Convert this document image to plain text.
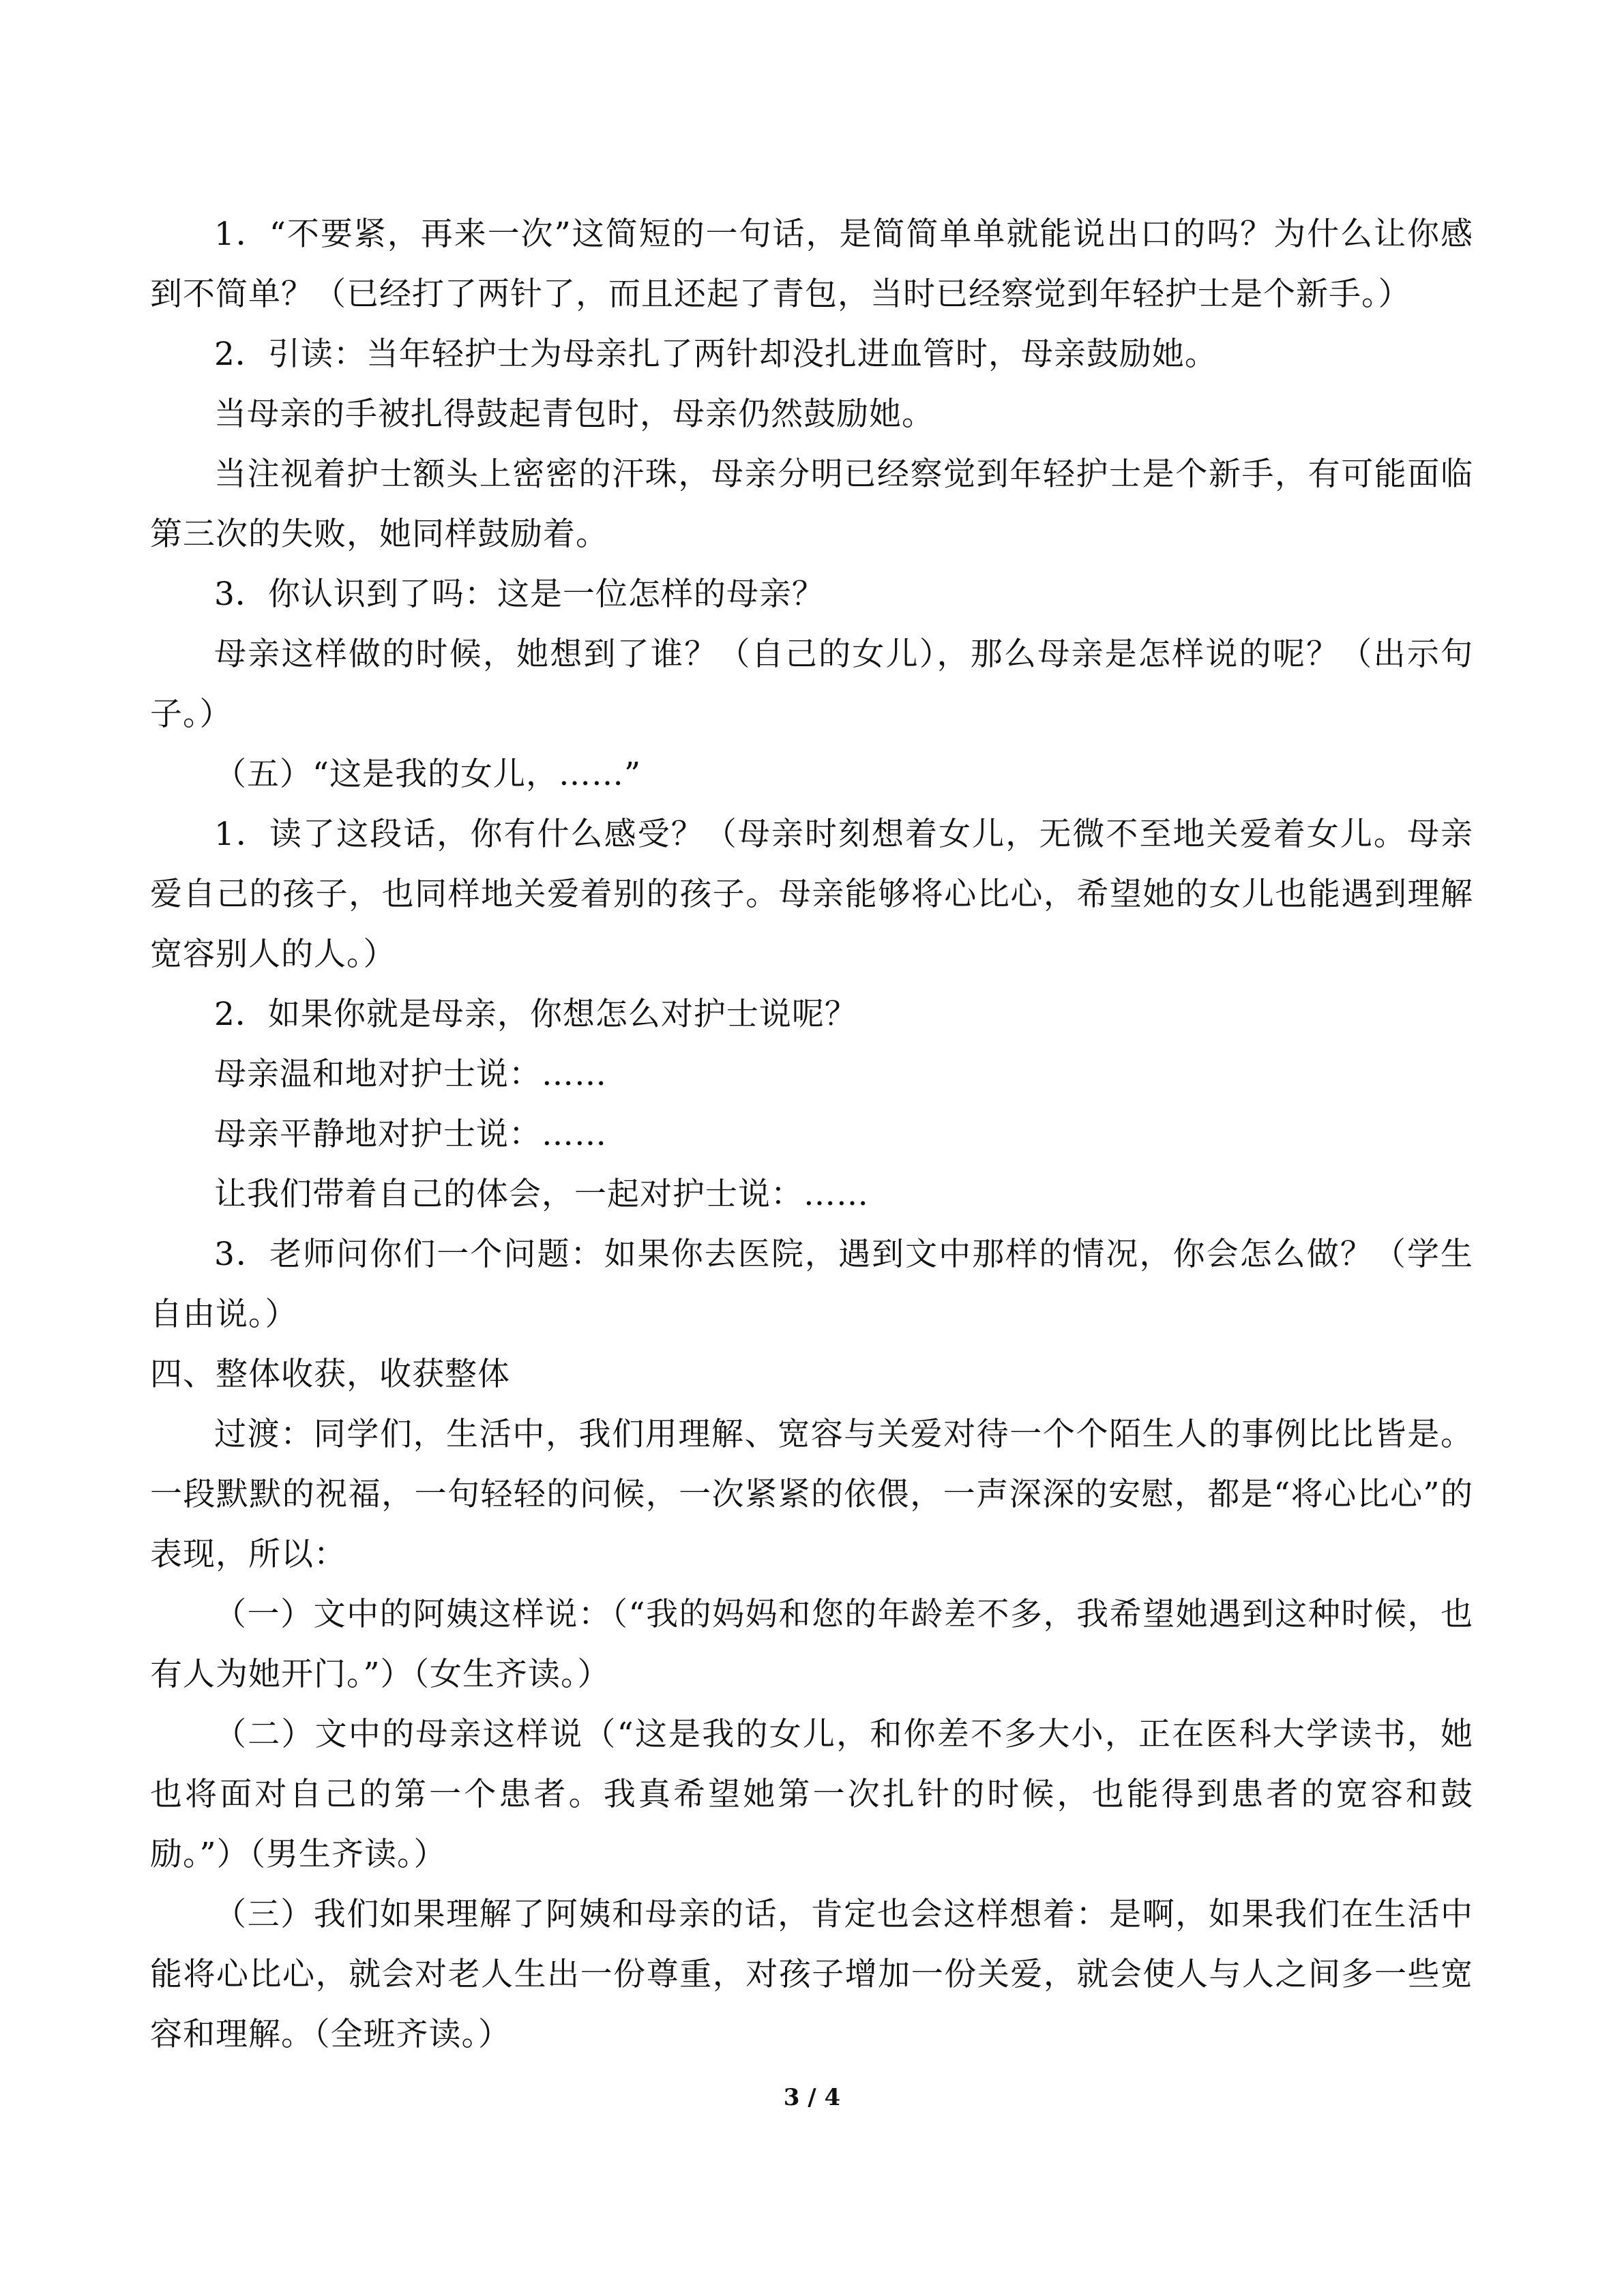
1．“不要紧，再来一次”这简短的一句话，是简简单单就能说出口的吗？为什么让你感到不简单？（已经打了两针了，而且还起了青包，当时已经察觉到年轻护士是个新手。）

2．引读：当年轻护士为母亲扎了两针却没扎进血管时，母亲鼓励她。

当母亲的手被扎得鼓起青包时，母亲仍然鼓励她。

当注视着护士额头上密密的汗珠，母亲分明已经察觉到年轻护士是个新手，有可能面临第三次的失败，她同样鼓励着。

3．你认识到了吗：这是一位怎样的母亲？

母亲这样做的时候，她想到了谁？（自己的女儿），那么母亲是怎样说的呢？（出示句子。）

（五）“这是我的女儿，……”

1．读了这段话，你有什么感受？（母亲时刻想着女儿，无微不至地关爱着女儿。母亲爱自己的孩子，也同样地关爱着别的孩子。母亲能够将心比心，希望她的女儿也能遇到理解宽容别人的人。）

2．如果你就是母亲，你想怎么对护士说呢？

母亲温和地对护士说：……

母亲平静地对护士说：……

让我们带着自己的体会，一起对护士说：……

3．老师问你们一个问题：如果你去医院，遇到文中那样的情况，你会怎么做？（学生自由说。）

四、整体收获，收获整体

过渡：同学们，生活中，我们用理解、宽容与关爱对待一个个陌生人的事例比比皆是。一段默默的祝福，一句轻轻的问候，一次紧紧的依偎，一声深深的安慰，都是“将心比心”的表现，所以：

（一）文中的阿姨这样说：（“我的妈妈和您的年龄差不多，我希望她遇到这种时候，也有人为她开门。”）（女生齐读。）

（二）文中的母亲这样说（“这是我的女儿，和你差不多大小，正在医科大学读书，她也将面对自己的第一个患者。我真希望她第一次扎针的时候，也能得到患者的宽容和鼓励。”）（男生齐读。）

（三）我们如果理解了阿姨和母亲的话，肯定也会这样想着：是啊，如果我们在生活中能将心比心，就会对老人生出一份尊重，对孩子增加一份关爱，就会使人与人之间多一些宽容和理解。（全班齐读。）

3 / 4
